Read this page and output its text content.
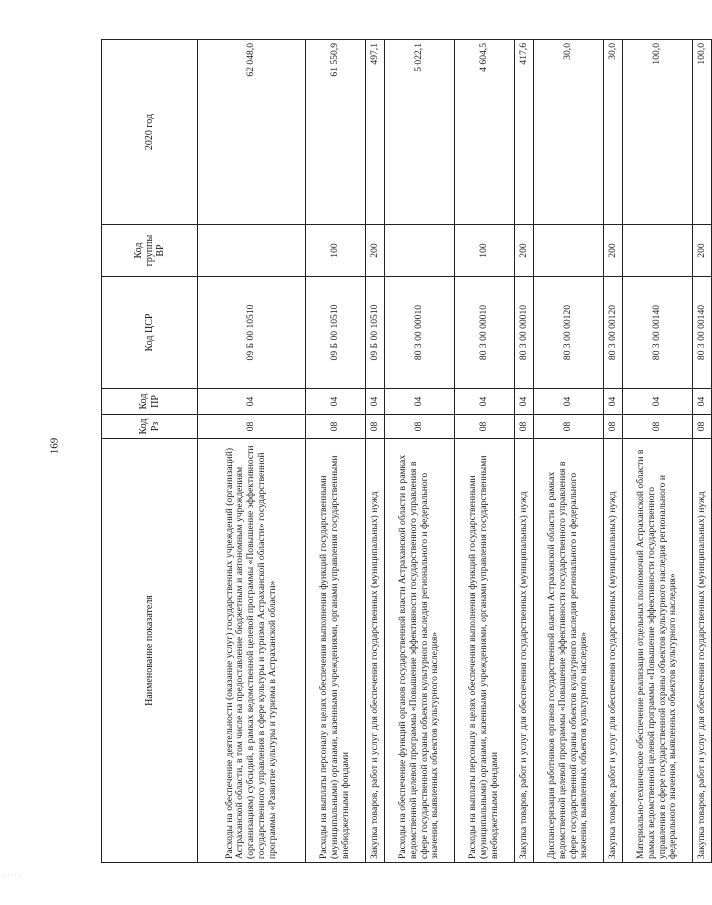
169
Наименование показателя	Код Рз	Код ПР	Код ЦСР	Код группы ВР	2020 год
Расходы на обеспечение деятельности (оказание услуг) государственных учреждений (организаций) Астраханской области, в том числе на предоставление бюджетным и автономным учреждениям (организациям) субсидий, в рамках ведомственной целевой программы «Повышение эффективности государственного управления в сфере культуры и туризма Астраханской области» государственной программы «Развитие культуры и туризма в Астраханской области»	08	04	09 Б 00 10510		62 048,0
Расходы на выплаты персоналу в целях обеспечения выполнения функций государственными (муниципальными) органами, казенными учреждениями, органами управления государственными внебюджетными фондами	08	04	09 Б 00 10510	100	61 550,9
Закупка товаров, работ и услуг для обеспечения государственных (муниципальных) нужд	08	04	09 Б 00 10510	200	497,1
Расходы на обеспечение функций органов государственной власти Астраханской области в рамках ведомственной целевой программы «Повышение эффективности государственного управления в сфере государственной охраны объектов культурного наследия регионального и федерального значения, выявленных объектов культурного наследия»	08	04	80 3 00 00010		5 022,1
Расходы на выплаты персоналу в целях обеспечения выполнения функций государственными (муниципальными) органами, казенными учреждениями, органами управления государственными внебюджетными фондами	08	04	80 3 00 00010	100	4 604,5
Закупка товаров, работ и услуг для обеспечения государственных (муниципальных) нужд	08	04	80 3 00 00010	200	417,6
Диспансеризация работников органов государственной власти Астраханской области в рамках ведомственной целевой программы «Повышение эффективности государственного управления в сфере государственной охраны объектов культурного наследия регионального и федерального значения, выявленных объектов культурного наследия»	08	04	80 3 00 00120		30,0
Закупка товаров, работ и услуг для обеспечения государственных (муниципальных) нужд	08	04	80 3 00 00120	200	30,0
Материально-техническое обеспечение реализации отдельных полномочий Астраханской области в рамках ведомственной целевой программы «Повышение эффективности государственного управления в сфере государственной охраны объектов культурного наследия регионального и федерального значения, выявленных объектов культурного наследия»	08	04	80 3 00 00140		100,0
Закупка товаров, работ и услуг для обеспечения государственных (муниципальных) нужд	08	04	80 3 00 00140	200	100,0
·····
